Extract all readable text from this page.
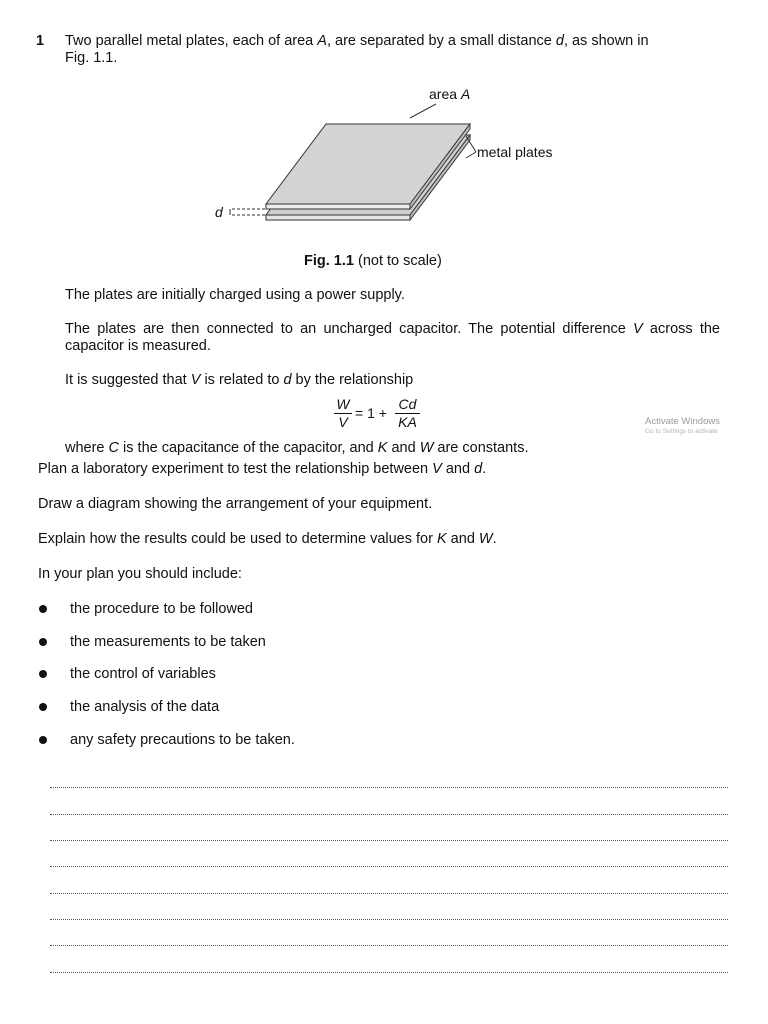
1 Two parallel metal plates, each of area A, are separated by a small distance d, as shown in
Fig. 1.1.
area A
metal plates
d
Fig. 1.1 (not to scale)
The plates are initially charged using a power supply.
The plates are then connected to an uncharged capacitor. The potential difference V across the capacitor is measured.
It is suggested that V is related to d by the relationship
W
V
= 1 +
Cd
KA	Activate Windows
Go to Settings to activate
where C is the capacitance of the capacitor, and K and W are constants.
Plan a laboratory experiment to test the relationship between V and d.
Draw a diagram showing the arrangement of your equipment.
Explain how the results could be used to determine values for K and W.
In your plan you should include:
the procedure to be followed
the measurements to be taken
the control of variables
the analysis of the data
any safety precautions to be taken.
